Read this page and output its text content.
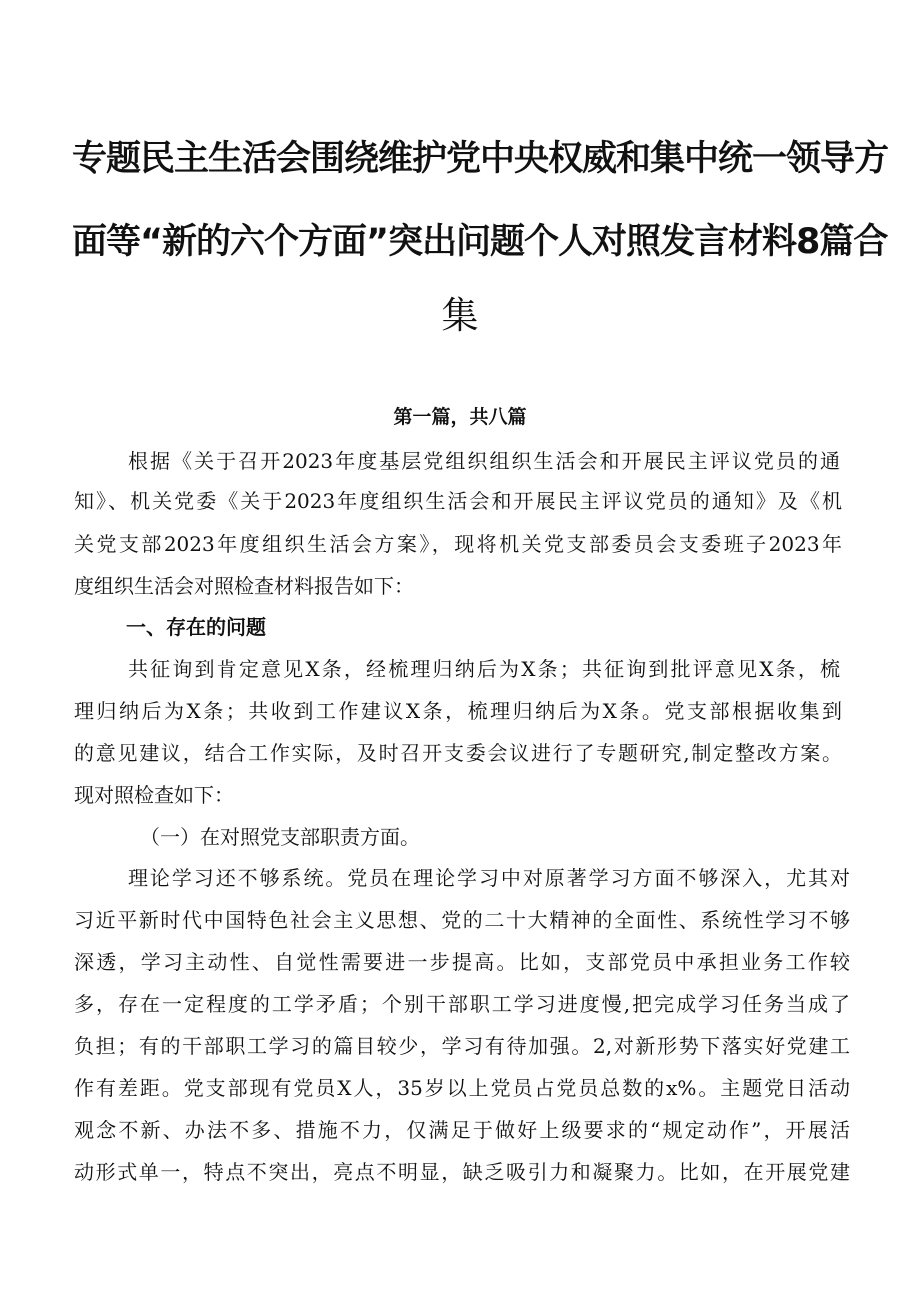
专题民主生活会围绕维护党中央权威和集中统一领导方
面等“新的六个方面”突出问题个人对照发言材料8篇合
集
第一篇，共八篇
根据《关于召开2023年度基层党组织组织生活会和开展民主评议党员的通
知》、机关党委《关于2023年度组织生活会和开展民主评议党员的通知》及《机
关党支部2023年度组织生活会方案》，现将机关党支部委员会支委班子2023年
度组织生活会对照检查材料报告如下：
一、存在的问题
共征询到肯定意见X条，经梳理归纳后为X条；共征询到批评意见X条，梳
理归纳后为X条；共收到工作建议X条，梳理归纳后为X条。党支部根据收集到
的意见建议，结合工作实际，及时召开支委会议进行了专题研究,制定整改方案。
现对照检查如下：
（一）在对照党支部职责方面。
理论学习还不够系统。党员在理论学习中对原著学习方面不够深入，尤其对
习近平新时代中国特色社会主义思想、党的二十大精神的全面性、系统性学习不够
深透，学习主动性、自觉性需要进一步提高。比如，支部党员中承担业务工作较
多，存在一定程度的工学矛盾；个别干部职工学习进度慢,把完成学习任务当成了
负担；有的干部职工学习的篇目较少，学习有待加强。2,对新形势下落实好党建工
作有差距。党支部现有党员X人，35岁以上党员占党员总数的x%。主题党日活动
观念不新、办法不多、措施不力，仅满足于做好上级要求的“规定动作”，开展活
动形式单一，特点不突出，亮点不明显，缺乏吸引力和凝聚力。比如，在开展党建
